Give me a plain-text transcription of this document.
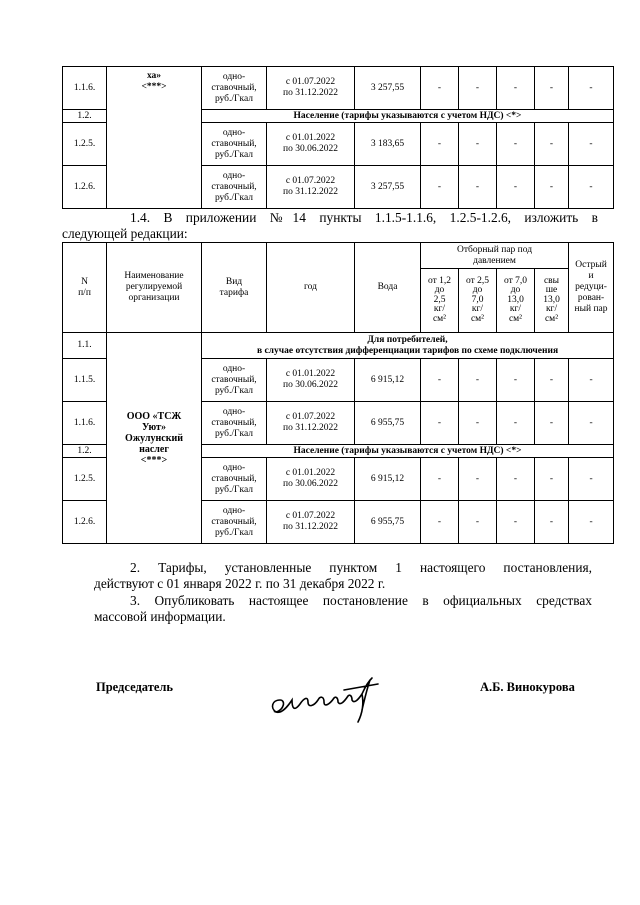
1.1.6.	ха»
<***>	одно-
ставочный,
руб./Гкал	с 01.07.2022
по 31.12.2022	3 257,55	-	-	-	-	-
1.2.		Население (тарифы указываются с учетом НДС) <*>							
1.2.5.		одно-
ставочный,
руб./Гкал	с 01.01.2022
по 30.06.2022	3 183,65	-	-	-	-	-
1.2.6.		одно-
ставочный,
руб./Гкал	с 01.07.2022
по 31.12.2022	3 257,55	-	-	-	-	-
1.4. В приложении №14 пункты 1.1.5-1.1.6, 1.2.5-1.2.6, изложить в
следующей редакции:
N
п/п	Наименование
регулируемой
организации	Вид
тарифа	год	Вода	Отборный пар под
давлением				Острый
и
редуци-
рован-
ный пар
					от 1,2
до
2,5
кг/
см²	от 2,5
до
7,0
кг/
см²	от 7,0
до
13,0
кг/
см²	свы
ше
13,0
кг/
см²	
1.1.	ООО «ТСЖ
Уют»
Ожулунский
наслег
<***>	Для потребителей,
в случае отсутствия дифференциации тарифов по схеме подключения							
1.1.5.		одно-
ставочный,
руб./Гкал	с 01.01.2022
по 30.06.2022	6 915,12	-	-	-	-	-
1.1.6.		одно-
ставочный,
руб./Гкал	с 01.07.2022
по 31.12.2022	6 955,75	-	-	-	-	-
1.2.		Население (тарифы указываются с учетом НДС) <*>							
1.2.5.		одно-
ставочный,
руб./Гкал	с 01.01.2022
по 30.06.2022	6 915,12	-	-	-	-	-
1.2.6.		одно-
ставочный,
руб./Гкал	с 01.07.2022
по 31.12.2022	6 955,75	-	-	-	-	-
2. Тарифы, установленные пунктом 1 настоящего постановления,
действуют с 01 января 2022 г. по 31 декабря 2022 г.
3. Опубликовать настоящее постановление в официальных средствах
массовой информации.
Председатель	А.Б. Винокурова
